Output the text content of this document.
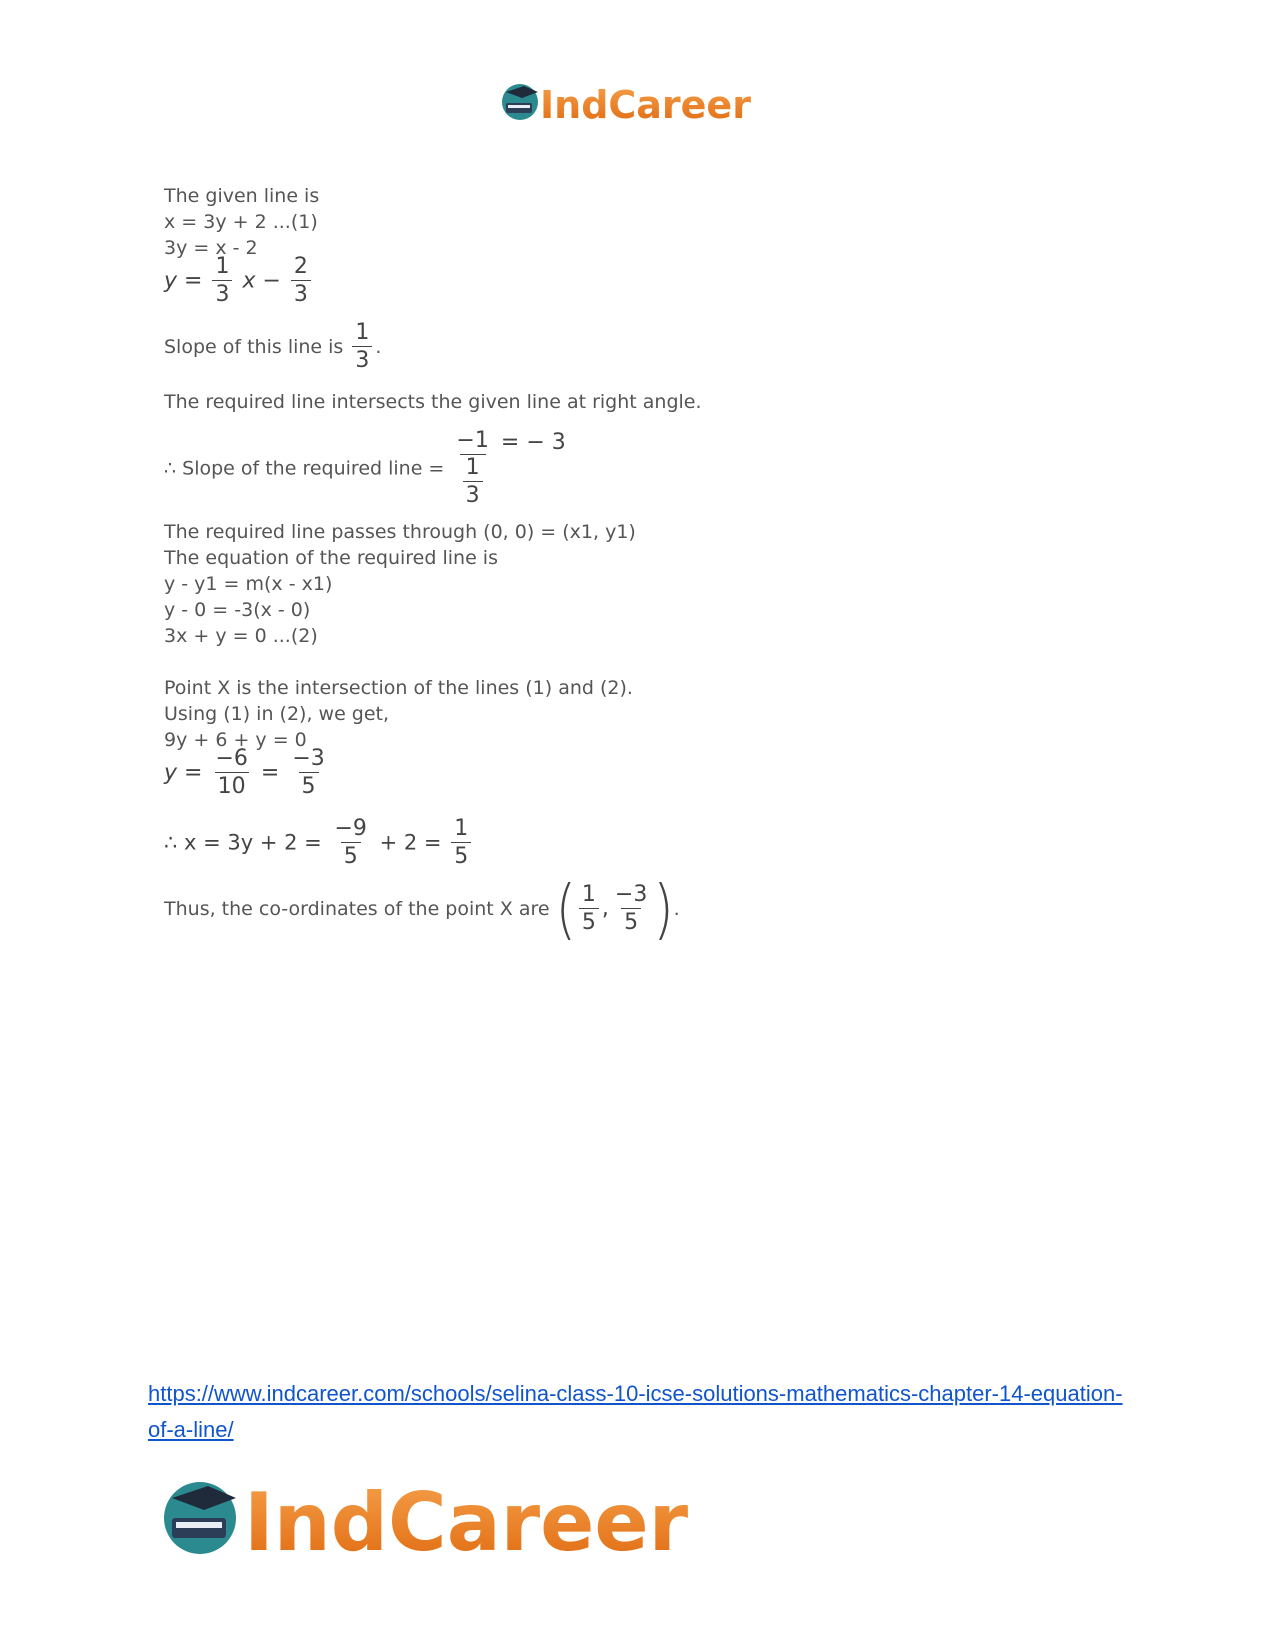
IndCareer
The given line is
x = 3y + 2 ...(1)
3y = x - 2
$y = \frac{1}{3}$ $x - \frac{2}{3}$
Slope of this line is $\frac{1}{3}$ .
The required line intersects the given line at right angle.
∴ Slope of the required line = $\frac{-1}{\frac{1}{3}}$ = − 3
The required line passes through (0, 0) = (x1, y1)
The equation of the required line is
y - y1 = m(x - x1)
y - 0 = -3(x - 0)
3x + y = 0 ...(2)
Point X is the intersection of the lines (1) and (2).
Using (1) in (2), we get,
9y + 6 + y = 0
$y = \frac{-6}{10} = \frac{-3}{5}$
∴ $x = 3y + 2 = \frac{-9}{5} + 2 = \frac{1}{5}$
Thus, the co-ordinates of the point X are ( $\frac{1}{5}$ , $\frac{-3}{5}$ ).
https://www.indcareer.com/schools/selina-class-10-icse-solutions-mathematics-chapter-14-equation-of-a-line/
IndCareer
